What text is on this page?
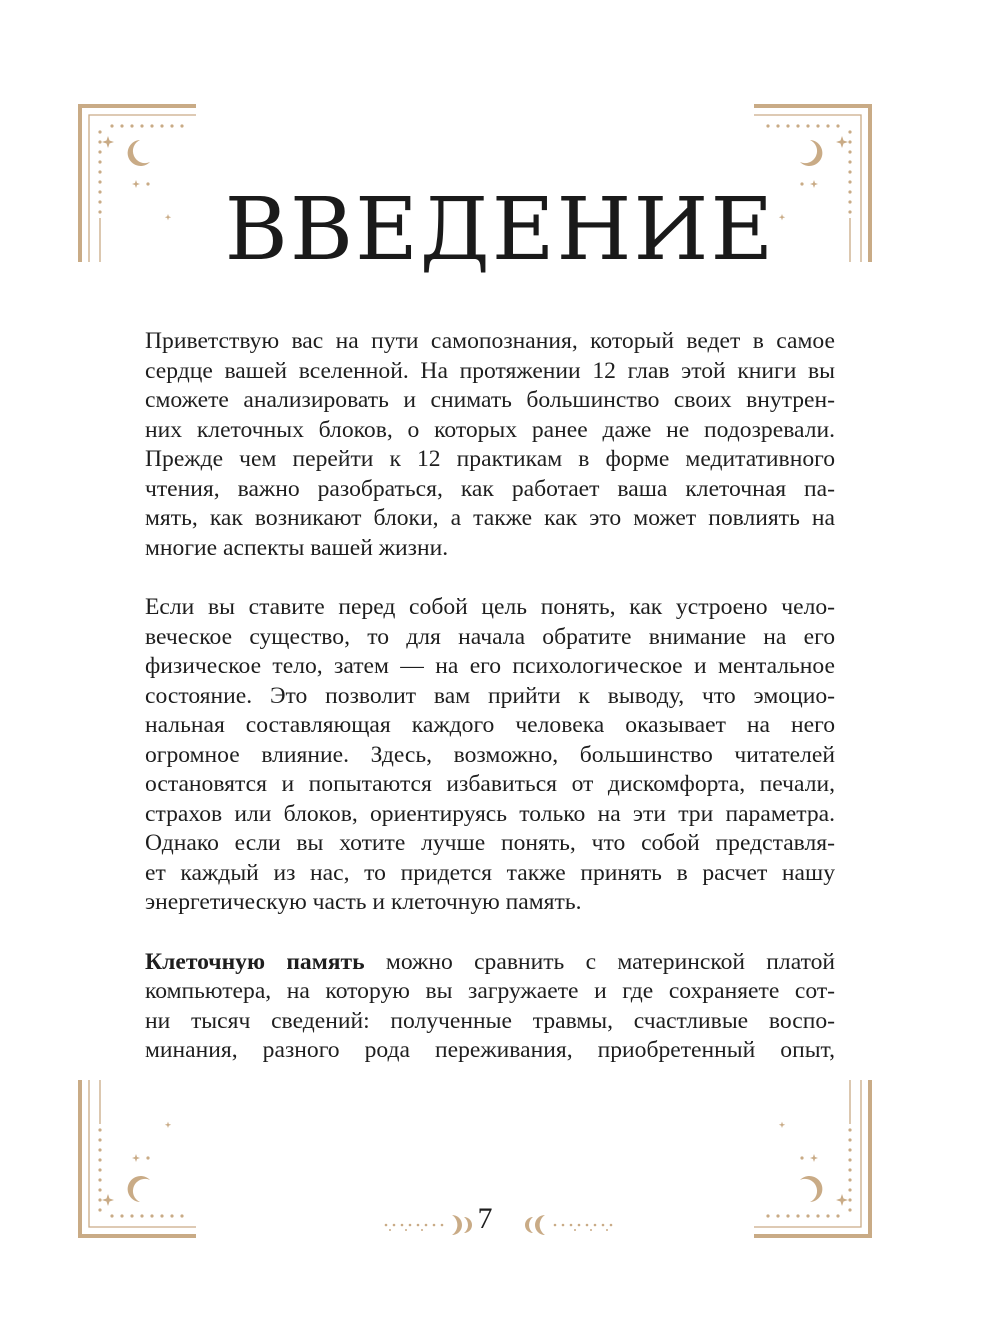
ВВЕДЕНИЕ

Приветствую вас на пути самопознания, который ведет в самое
сердце вашей вселенной. На протяжении 12 глав этой книги вы
сможете анализировать и снимать большинство своих внутрен-
них клеточных блоков, о которых ранее даже не подозревали.
Прежде чем перейти к 12 практикам в форме медитативного
чтения, важно разобраться, как работает ваша клеточная па-
мять, как возникают блоки, а также как это может повлиять на
многие аспекты вашей жизни.

Если вы ставите перед собой цель понять, как устроено чело-
веческое существо, то для начала обратите внимание на его
физическое тело, затем — на его психологическое и ментальное
состояние. Это позволит вам прийти к выводу, что эмоцио-
нальная составляющая каждого человека оказывает на него
огромное влияние. Здесь, возможно, большинство читателей
остановятся и попытаются избавиться от дискомфорта, печали,
страхов или блоков, ориентируясь только на эти три параметра.
Однако если вы хотите лучше понять, что собой представля-
ет каждый из нас, то придется также принять в расчет нашу
энергетическую часть и клеточную память.

Клеточную память можно сравнить с материнской платой
компьютера, на которую вы загружаете и где сохраняете сот-
ни тысяч сведений: полученные травмы, счастливые воспо-
минания, разного рода переживания, приобретенный опыт,

7
